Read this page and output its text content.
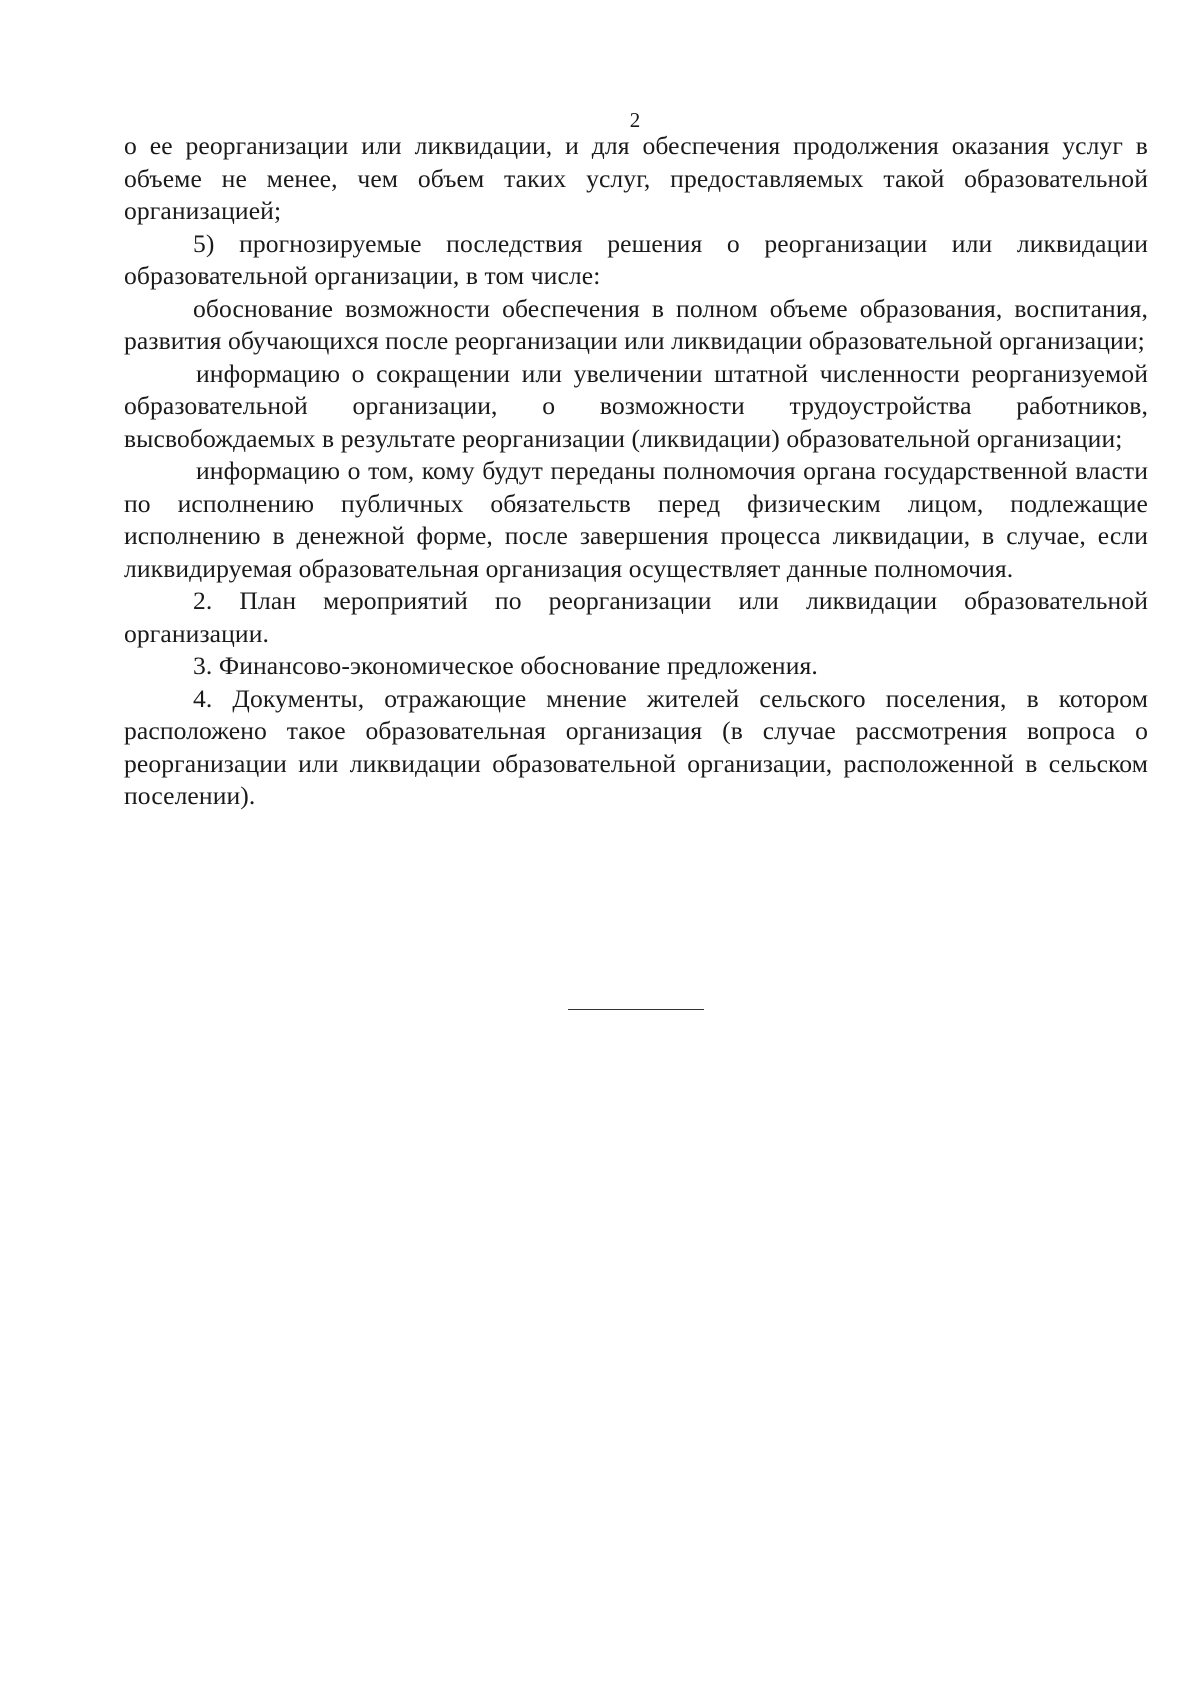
2

о ее реорганизации или ликвидации, и для обеспечения продолжения оказания услуг в объеме не менее, чем объем таких услуг, предоставляемых такой образовательной организацией;

5) прогнозируемые последствия решения о реорганизации или ликвидации образовательной организации, в том числе:

обоснование возможности обеспечения в полном объеме образования, воспитания, развития обучающихся после реорганизации или ликвидации образовательной организации;

информацию о сокращении или увеличении штатной численности реорганизуемой образовательной организации, о возможности трудоустройства работников, высвобождаемых в результате реорганизации (ликвидации) образовательной организации;

информацию о том, кому будут переданы полномочия органа государственной власти по исполнению публичных обязательств перед физическим лицом, подлежащие исполнению в денежной форме, после завершения процесса ликвидации, в случае, если ликвидируемая образовательная организация осуществляет данные полномочия.

2. План мероприятий по реорганизации или ликвидации образовательной организации.

3. Финансово-экономическое обоснование предложения.

4. Документы, отражающие мнение жителей сельского поселения, в котором расположено такое образовательная организация (в случае рассмотрения вопроса о реорганизации или ликвидации образовательной организации, расположенной в сельском поселении).
